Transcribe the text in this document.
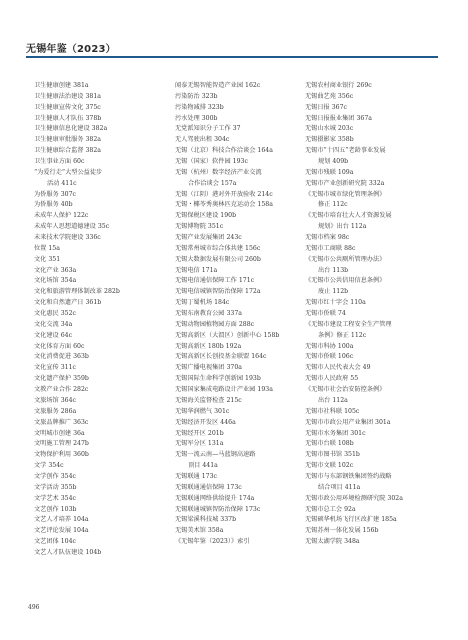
无锡年鉴（2023）
卫生健康创建 381a
卫生健康法治建设 381a
卫生健康宣传文化 375c
卫生健康人才队伍 378b
卫生健康信息化建设 382a
卫生健康审批服务 382a
卫生健康综合监督 382a
卫生事业方面 60c
“为爱行走”大型公益徒步
活动 411c
为侨服务 307c
为侨服务 40b
未成年人保护 122c
未成年人思想道德建设 35c
未来技术学院建设 336c
位置 15a
文化 351
文化产业 363a
文化场馆 354a
文化和旅游管理体制改革 282b
文化和自然遗产日 361b
文化惠民 352c
文化交流 34a
文化建设 64c
文化体育方面 60c
文化消费促进 363b
文化宣传 311c
文化遗产保护 359b
文教产业合作 282c
文旅场馆 364c
文旅服务 286a
文旅品牌推广 363c
文明城市创建 36a
文明施工管理 247b
文物保护利用 360b
文学 354c
文学创作 354c
文学活动 355b
文学艺术 354c
文艺创作 103b
文艺人才培养 104a
文艺评论发展 104a
文艺团体 104c
文艺人才队伍建设 104b
闻泰无锡智能智造产业园 162c
污染防治 323b
污染物减排 323b
污水处理 300b
无党派知识分子工作 37
无人驾驶出租 304c
无锡（北京）科技合作洽谈会 164a
无锡（国家）软件园 193c
无锡（杭州）数字经济产业交流
合作洽谈会 157a
无锡（江阴）港对外开放验收 214c
无锡・椰苓秀奥林匹克运动会 158a
无锡保税区建设 190b
无锡博物院 351c
无锡产业发展集团 243c
无锡常州城市综合体共建 156c
无锡大数据发展有限公司 260b
无锡电信 171a
无锡电信通信保障工作 171c
无锡电信城镇智防治保障 172a
无锡丁蜀机场 184c
无锡东南教育公园 337a
无锡动物园植物园方面 288c
无锡高新区（大渭区）创新中心 158b
无锡高新区 180b 192a
无锡高新区长创投基金联盟 164c
无锡广播电视集团 370a
无锡国际生命科学创新园 193b
无锡国家集成电路设计产业园 193a
无锡海关监督检查 215c
无锡华润燃气 301c
无锡经济开发区 446a
无锡经开区 201b
无锡军分区 131a
无锡一流云南—马蓝钢高速路
顶目 441a
无锡联通 173c
无锡联通通信保障 173c
无锡联通网络供给提升 174a
无锡联通城镇智防治保障 173c
无锡梁溪科技城 337b
无锡美术馆 358a
《无锡年鉴（2023）》索引
无锡农村商业银行 269c
无锡曲艺苑 356c
无锡日报 367c
无锡日报报业集团 367a
无锡山水城 203c
无锡摄影家 358b
无锡市“十四五”老龄事业发展
规划 409b
无锡市残联 109a
无锡市产业创新研究院 332a
《无锡市城市绿化管理条例》
修正 112c
《无锡市培育壮大人才资源发展
规划》出台 112a
无锡市档案 98c
无锡市工商联 88c
《无锡市公共厕所管理办法》
出台 113b
《无锡市公共信用信息条例》
废止 112b
无锡市红十字会 110a
无锡市侨联 74
《无锡市建设工程安全生产管理
条例》修正 112c
无锡市科协 100a
无锡市侨联 106c
无锡市人民代表大会 49
无锡市人民政府 55
《无锡市社会治安防控条例》
出台 112a
无锡市社科联 105c
无锡市市政公用产业集团 301a
无锡市水务集团 301c
无锡市台联 108b
无锡市图书馆 351b
无锡市文联 102c
无锡市与东部钢铁集团签约战略
结合项目 411a
无锡市政公用环境检测研究院 302a
无锡市总工会 92a
无锡硕华机场飞行区改扩建 185a
无锡苏州一体化发展 156b
无锡太湖学院 348a
496
